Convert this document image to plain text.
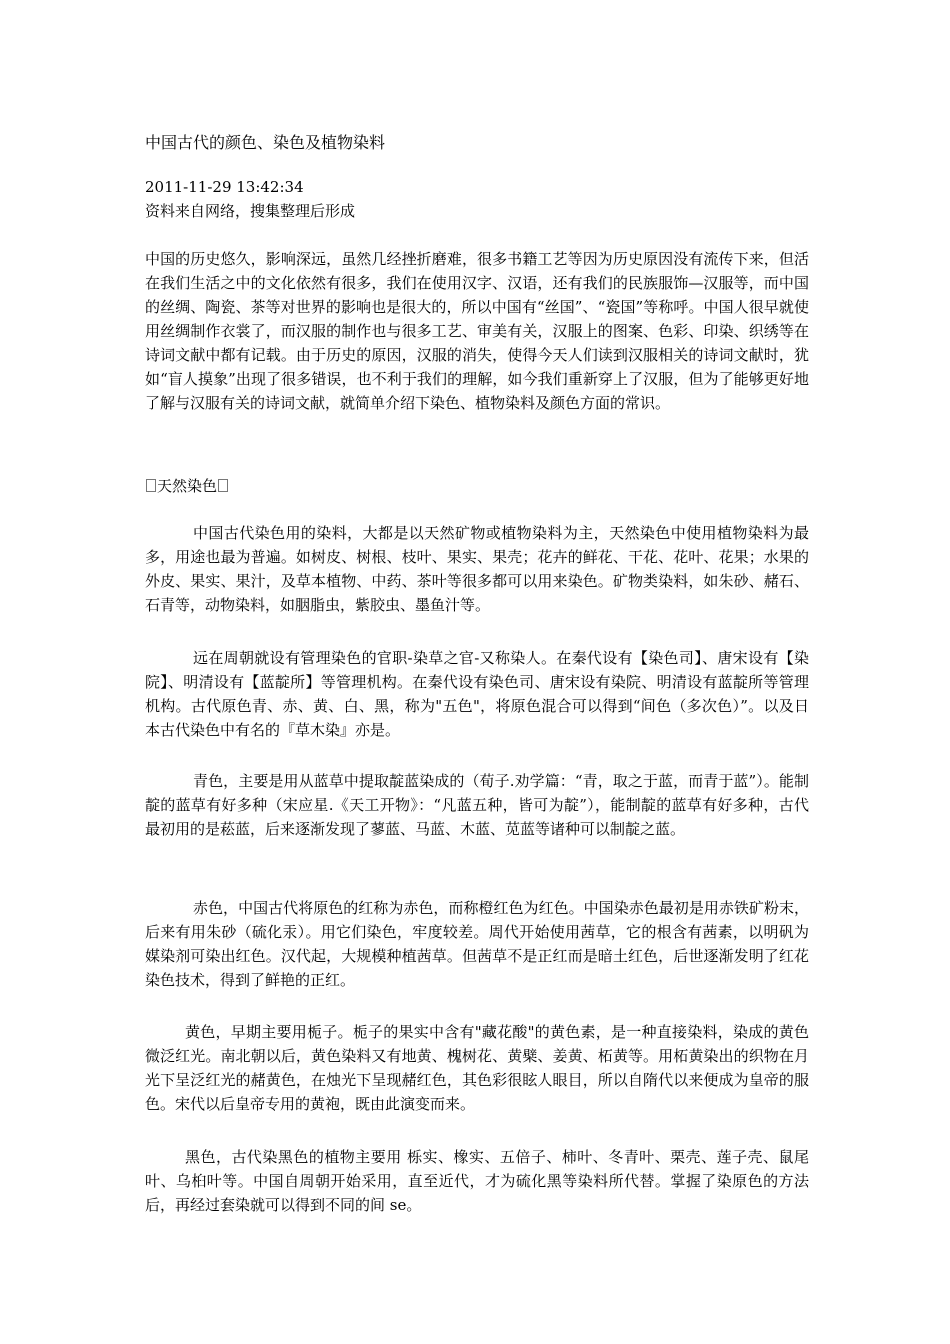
中国古代的颜色、染色及植物染料
2011-11-29 13:42:34
资料来自网络，搜集整理后形成

中国的历史悠久，影响深远，虽然几经挫折磨难，很多书籍工艺等因为历史原因没有流传下来，但活在我们生活之中的文化依然有很多，我们在使用汉字、汉语，还有我们的民族服饰—汉服等，而中国的丝绸、陶瓷、茶等对世界的影响也是很大的，所以中国有“丝国”、“瓷国”等称呼。中国人很早就使用丝绸制作衣裳了，而汉服的制作也与很多工艺、审美有关，汉服上的图案、色彩、印染、织绣等在诗词文献中都有记载。由于历史的原因，汉服的消失，使得今天人们读到汉服相关的诗词文献时，犹如“盲人摸象”出现了很多错误，也不利于我们的理解，如今我们重新穿上了汉服，但为了能够更好地了解与汉服有关的诗词文献，就简单介绍下染色、植物染料及颜色方面的常识。

天然染色

中国古代染色用的染料，大都是以天然矿物或植物染料为主，天然染色中使用植物染料为最多，用途也最为普遍。如树皮、树根、枝叶、果实、果壳；花卉的鲜花、干花、花叶、花果；水果的外皮、果实、果汁，及草本植物、中药、茶叶等很多都可以用来染色。矿物类染料，如朱砂、赭石、石青等，动物染料，如胭脂虫，紫胶虫、墨鱼汁等。

远在周朝就设有管理染色的官职-染草之官-又称染人。在秦代设有【染色司】、唐宋设有【染院】、明清设有【蓝靛所】等管理机构。在秦代设有染色司、唐宋设有染院、明清设有蓝靛所等管理机构。古代原色青、赤、黄、白、黑，称为"五色"，将原色混合可以得到“间色（多次色）”。以及日本古代染色中有名的『草木染』亦是。

青色，主要是用从蓝草中提取靛蓝染成的（荀子.劝学篇：“青，取之于蓝，而青于蓝”）。能制靛的蓝草有好多种（宋应星.《天工开物》：“凡蓝五种，皆可为靛”），能制靛的蓝草有好多种，古代最初用的是菘蓝，后来逐渐发现了蓼蓝、马蓝、木蓝、苋蓝等诸种可以制靛之蓝。

赤色，中国古代将原色的红称为赤色，而称橙红色为红色。中国染赤色最初是用赤铁矿粉末，后来有用朱砂（硫化汞）。用它们染色，牢度较差。周代开始使用茜草，它的根含有茜素，以明矾为媒染剂可染出红色。汉代起，大规模种植茜草。但茜草不是正红而是暗土红色，后世逐渐发明了红花染色技术，得到了鲜艳的正红。

黄色，早期主要用栀子。栀子的果实中含有"藏花酸"的黄色素，是一种直接染料，染成的黄色微泛红光。南北朝以后，黄色染料又有地黄、槐树花、黄檗、姜黄、柘黄等。用柘黄染出的织物在月光下呈泛红光的赭黄色，在烛光下呈现赭红色，其色彩很眩人眼目，所以自隋代以来便成为皇帝的服色。宋代以后皇帝专用的黄袍，既由此演变而来。

黑色，古代染黑色的植物主要用 栎实、橡实、五倍子、柿叶、冬青叶、栗壳、莲子壳、鼠尾叶、乌桕叶等。中国自周朝开始采用，直至近代，才为硫化黑等染料所代替。掌握了染原色的方法后，再经过套染就可以得到不同的间 se。
